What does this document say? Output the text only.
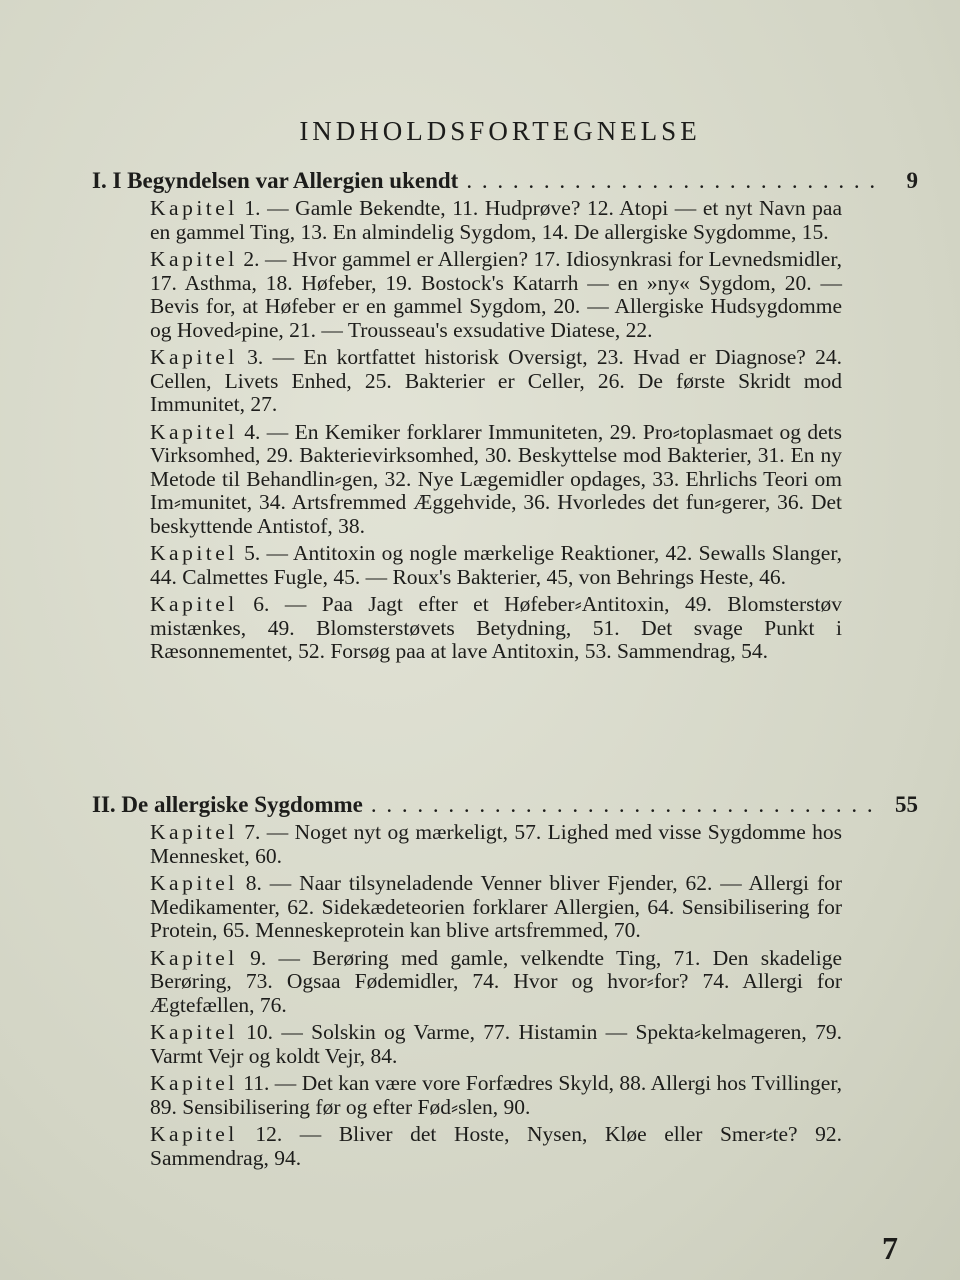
INDHOLDSFORTEGNELSE
I. I Begyndelsen var Allergien ukendt . . .	9
Kapitel 1. — Gamle Bekendte, 11. Hudprøve? 12. Atopi — et nyt Navn paa en gammel Ting, 13. En almindelig Sygdom, 14. De allergiske Sygdomme, 15.
Kapitel 2. — Hvor gammel er Allergien? 17. Idiosynkrasi for Levnedsmidler, 17. Asthma, 18. Høfeber, 19. Bostock's Katarrh — en »ny« Sygdom, 20. — Bevis for, at Høfeber er en gammel Sygdom, 20. — Allergiske Hudsygdomme og Hoved⸗pine, 21. — Trousseau's exsudative Diatese, 22.
Kapitel 3. — En kortfattet historisk Oversigt, 23. Hvad er Diagnose? 24. Cellen, Livets Enhed, 25. Bakterier er Celler, 26. De første Skridt mod Immunitet, 27.
Kapitel 4. — En Kemiker forklarer Immuniteten, 29. Pro⸗toplasmaet og dets Virksomhed, 29. Bakterievirksomhed, 30. Beskyttelse mod Bakterier, 31. En ny Metode til Behandlin⸗gen, 32. Nye Lægemidler opdages, 33. Ehrlichs Teori om Im⸗munitet, 34. Artsfremmed Æggehvide, 36. Hvorledes det fun⸗gerer, 36. Det beskyttende Antistof, 38.
Kapitel 5. — Antitoxin og nogle mærkelige Reaktioner, 42. Sewalls Slanger, 44. Calmettes Fugle, 45. — Roux's Bakterier, 45, von Behrings Heste, 46.
Kapitel 6. — Paa Jagt efter et Høfeber⸗Antitoxin, 49. Blomsterstøv mistænkes, 49. Blomsterstøvets Betydning, 51. Det svage Punkt i Ræsonnementet, 52. Forsøg paa at lave Antitoxin, 53. Sammendrag, 54.
II. De allergiske Sygdomme . . .	55
Kapitel 7. — Noget nyt og mærkeligt, 57. Lighed med visse Sygdomme hos Mennesket, 60.
Kapitel 8. — Naar tilsyneladende Venner bliver Fjender, 62. — Allergi for Medikamenter, 62. Sidekædeteorien forklarer Allergien, 64. Sensibilisering for Protein, 65. Menneskeprotein kan blive artsfremmed, 70.
Kapitel 9. — Berøring med gamle, velkendte Ting, 71. Den skadelige Berøring, 73. Ogsaa Fødemidler, 74. Hvor og hvor⸗for? 74. Allergi for Ægtefællen, 76.
Kapitel 10. — Solskin og Varme, 77. Histamin — Spekta⸗kelmageren, 79. Varmt Vejr og koldt Vejr, 84.
Kapitel 11. — Det kan være vore Forfædres Skyld, 88. Allergi hos Tvillinger, 89. Sensibilisering før og efter Fød⸗slen, 90.
Kapitel 12. — Bliver det Hoste, Nysen, Kløe eller Smer⸗te? 92. Sammendrag, 94.
7
